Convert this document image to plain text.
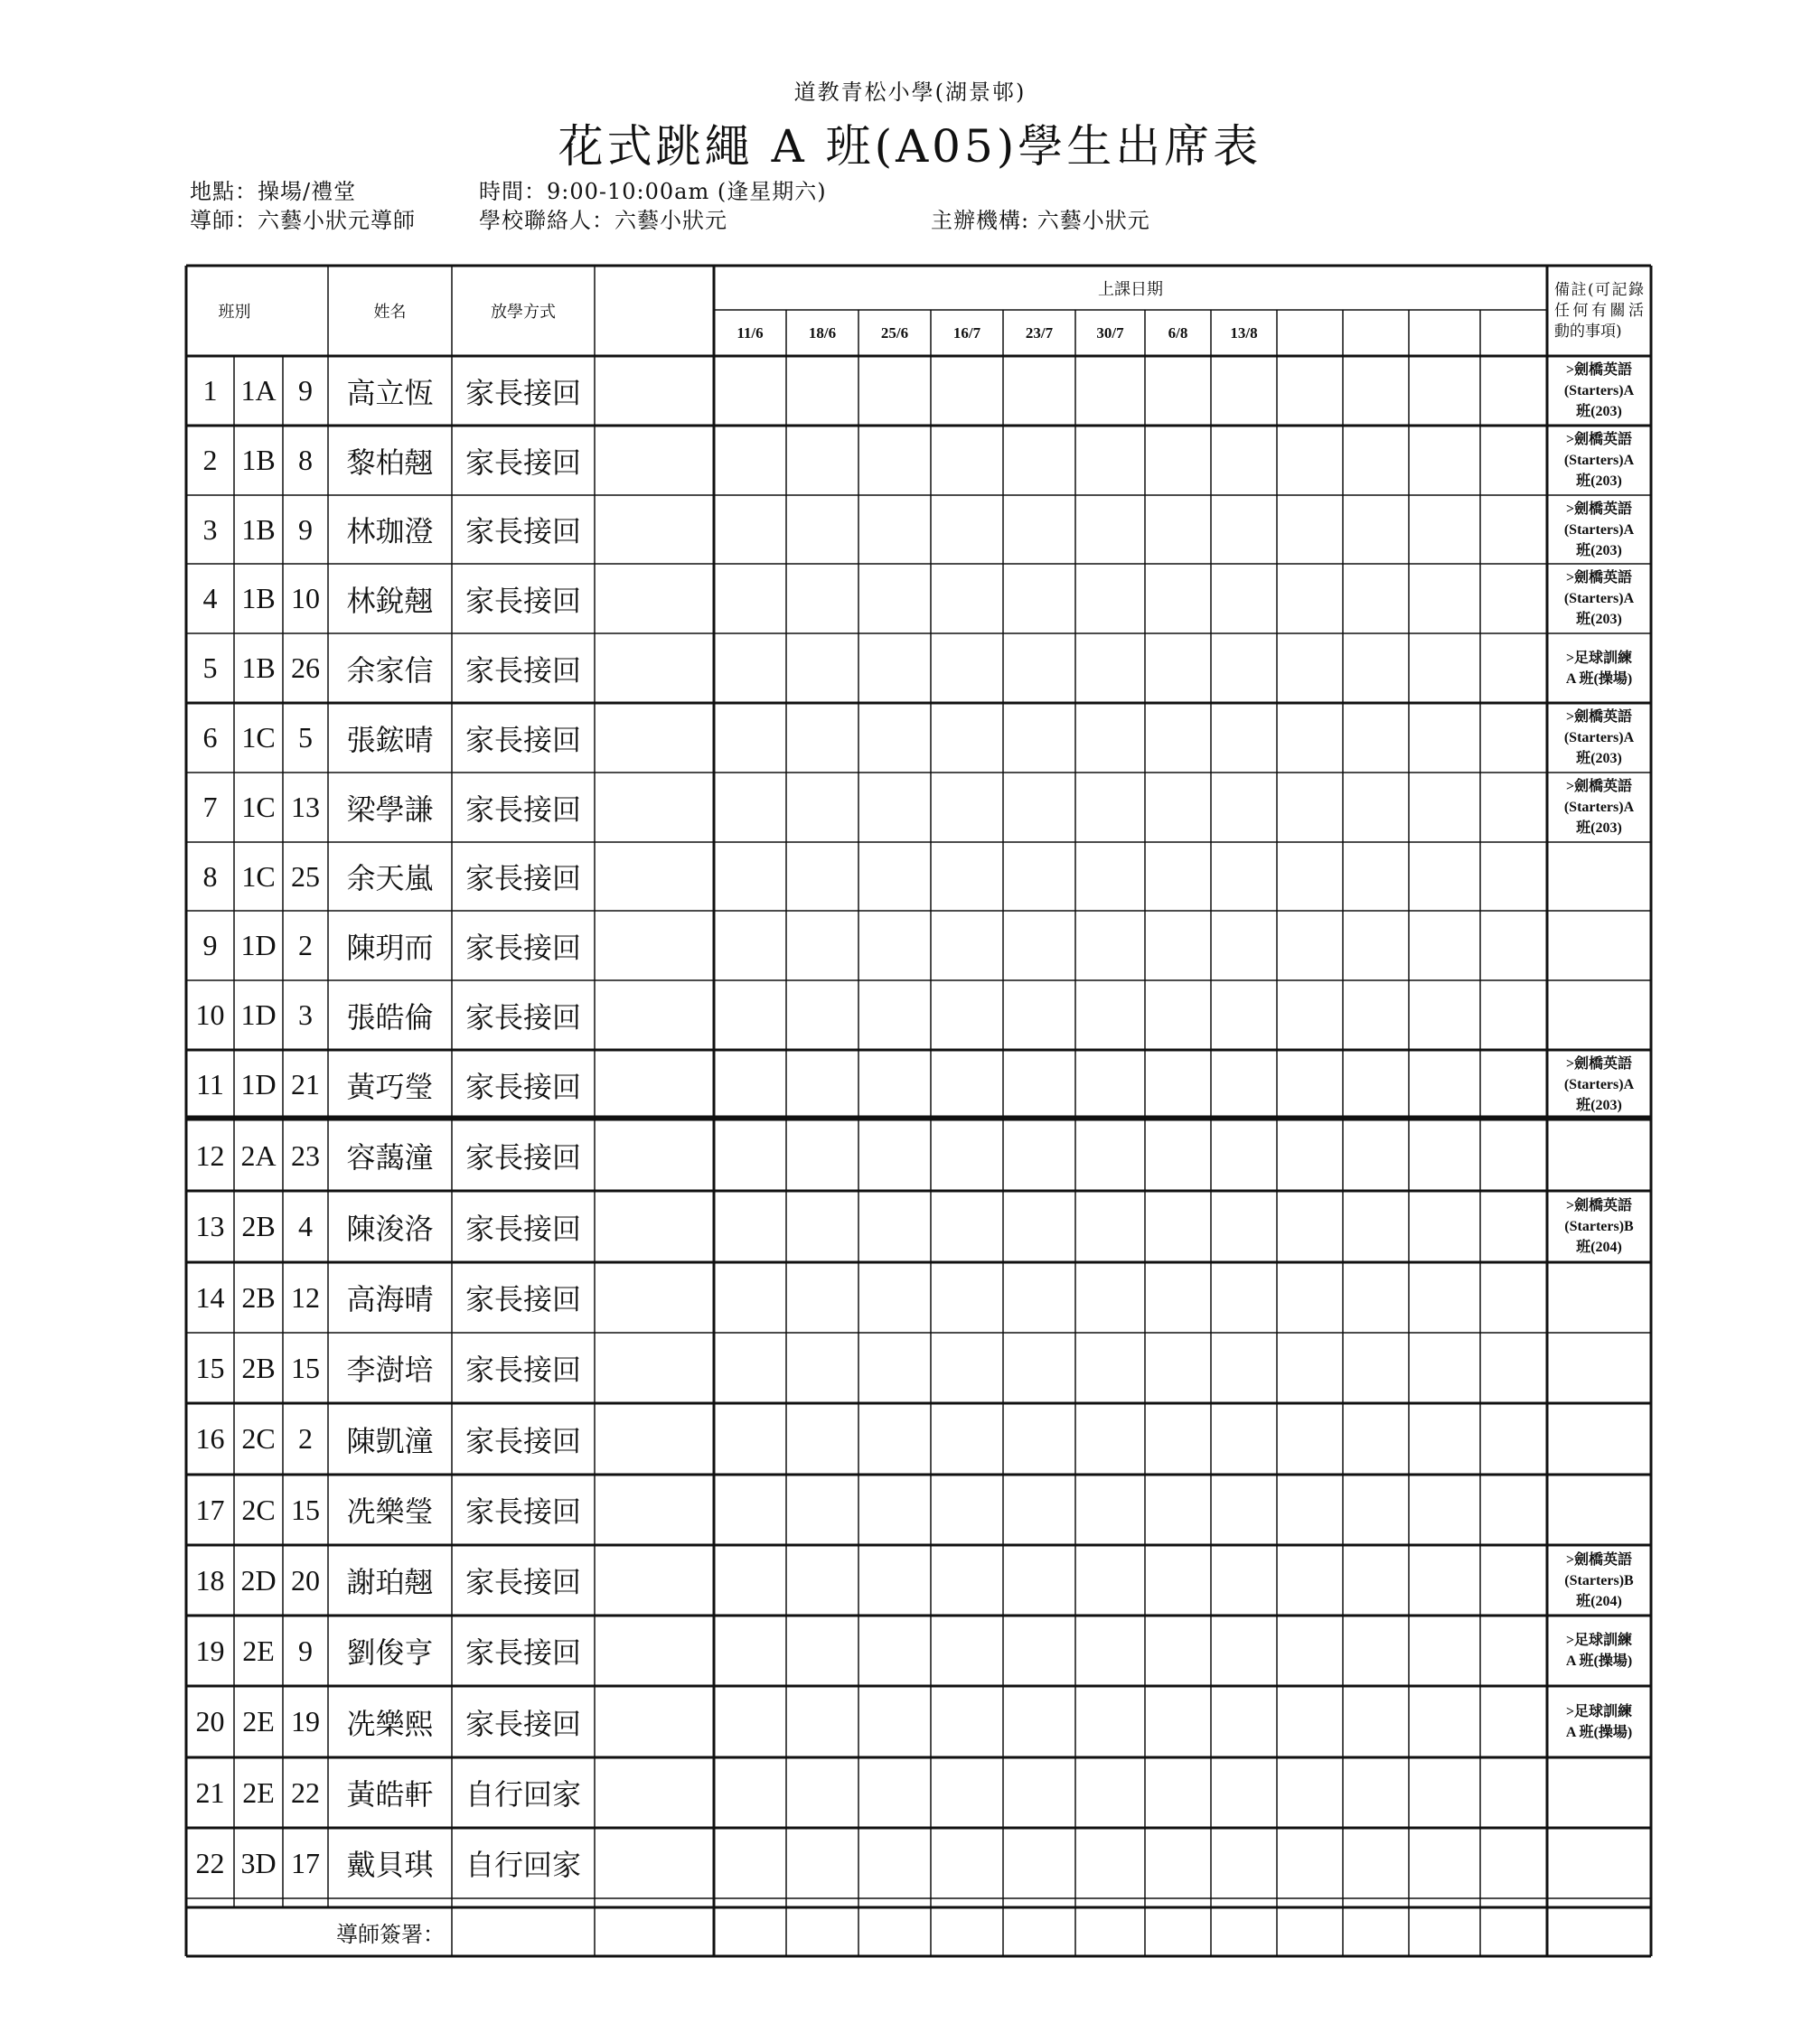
道教青松小學(湖景邨)
花式跳繩 A 班(A05)學生出席表
地點：操場/禮堂	時間：9:00-10:00am (逢星期六)
導師：六藝小狀元導師	學校聯絡人：六藝小狀元	主辦機構: 六藝小狀元
班別	姓名	放學方式
上課日期	備註(可記錄任何有關活動的事項)
11/6	18/6	25/6	16/7	23/7	30/7	6/8	13/8
1 1A 9	高立恆	家長接回
>劍橋英語
(Starters)A
班(203)
2 1B 8	黎柏翹	家長接回
>劍橋英語
(Starters)A
班(203)
3 1B 9	林珈澄	家長接回
>劍橋英語
(Starters)A
班(203)
4 1B 10 林銳翹	家長接回
>劍橋英語
(Starters)A
班(203)
5 1B 26 余家信	家長接回	>足球訓練
A 班(操場)
6 1C 5	張鋐晴	家長接回
>劍橋英語
(Starters)A
班(203)
7 1C 13 梁學謙	家長接回
>劍橋英語
(Starters)A
班(203)
8 1C 25 余天嵐	家長接回
9 1D 2	陳玥而	家長接回
10 1D 3	張皓倫	家長接回
11 1D 21 黃巧瑩	家長接回
>劍橋英語
(Starters)A
班(203)
12 2A 23 容藹潼	家長接回
13 2B 4	陳浚洛	家長接回
>劍橋英語
(Starters)B
班(204)
14 2B 12 高海晴	家長接回
15 2B 15 李澍培	家長接回
16 2C 2	陳凱潼	家長接回
17 2C 15 冼樂瑩	家長接回
18 2D 20 謝珀翹	家長接回
>劍橋英語
(Starters)B
班(204)
19 2E 9	劉俊亨	家長接回	>足球訓練
A 班(操場)
20 2E 19 冼樂熙	家長接回	>足球訓練
A 班(操場)
21 2E 22 黃皓軒	自行回家
22 3D 17 戴貝琪	自行回家
導師簽署：
